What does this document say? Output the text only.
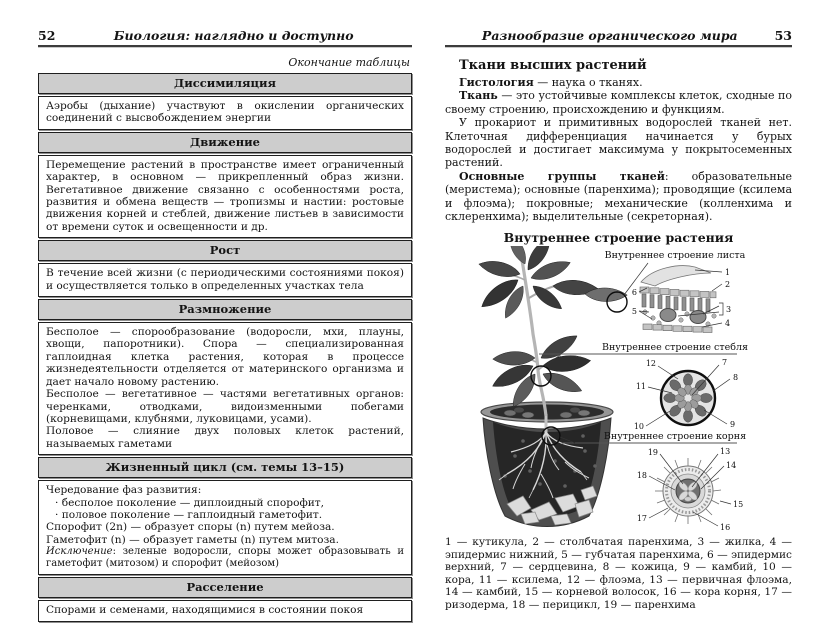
52	Биология: наглядно и доступно
Окончание таблицы
Диссимиляция

Аэробы (дыхание) участвуют в окислении органических соединений с высвобождением энергии

Движение

Перемещение растений в пространстве имеет ограниченный характер, в основном — прикрепленный образ жизни. Вегетативное движение связанно с особенностями роста, развития и обмена веществ — тропизмы и настии: ростовые движения корней и стеблей, движение листьев в зависимости от времени суток и освещенности и др.

Рост

В течение всей жизни (с периодическими состояниями покоя) и осуществляется только в определенных участках тела

Размножение

Бесполое — спорообразование (водоросли, мхи, плауны, хвощи, папоротники). Спора — специализированная гаплоидная клетка растения, которая в процессе жизнедеятельности отделяется от материнского организма и дает начало новому растению.

Бесполое — вегетативное — частями вегетативных органов: черенками, отводками, видоизменными побегами (корневищами, клубнями, луковицами, усами).

Половое — слияние двух половых клеток растений, называемых гаметами

Жизненный цикл (см. темы 13–15)

Чередование фаз развития:

· бесполое поколение — диплоидный спорофит,

· половое поколение — гаплоидный гаметофит.

Спорофит (2n) — образует споры (n) путем мейоза.

Гаметофит (n) — образует гаметы (n) путем митоза.

Исключение: зеленые водоросли, споры может образовывать и гаметофит (митозом) и спорофит (мейозом)

Расселение

Спорами и семенами, находящимися в состоянии покоя

Разнообразие органического мира	53
Ткани высших растений

Гистология — наука о тканях.

Ткань — это устойчивые комплексы клеток, сходные по своему строению, происхождению и функциям.

У прокариот и примитивных водорослей тканей нет. Клеточная дифференциация начинается у бурых водорослей и достигает максимума у покрытосеменных растений.

Основные группы тканей: образовательные (меристема); основные (паренхима); проводящие (ксилема и флоэма); покровные; механические (колленхима и склеренхима); выделительные (секреторная).

Внутреннее строение растения
Внутреннее строение листа
1
2
3
4
5
6
Внутреннее строение стебля
12	7
11
8
10	9
Внутреннее строение корня
19	13
14
18
15
17
16

1 — кутикула, 2 — столбчатая паренхима, 3 — жилка, 4 — эпидермис нижний, 5 — губчатая паренхима, 6 — эпидермис верхний, 7 — сердцевина, 8 — кожица, 9 — камбий, 10 — кора, 11 — ксилема, 12 — флоэма, 13 — первичная флоэма, 14 — камбий, 15 — корневой волосок, 16 — кора корня, 17 — ризодерма, 18 — перицикл, 19 — паренхима
